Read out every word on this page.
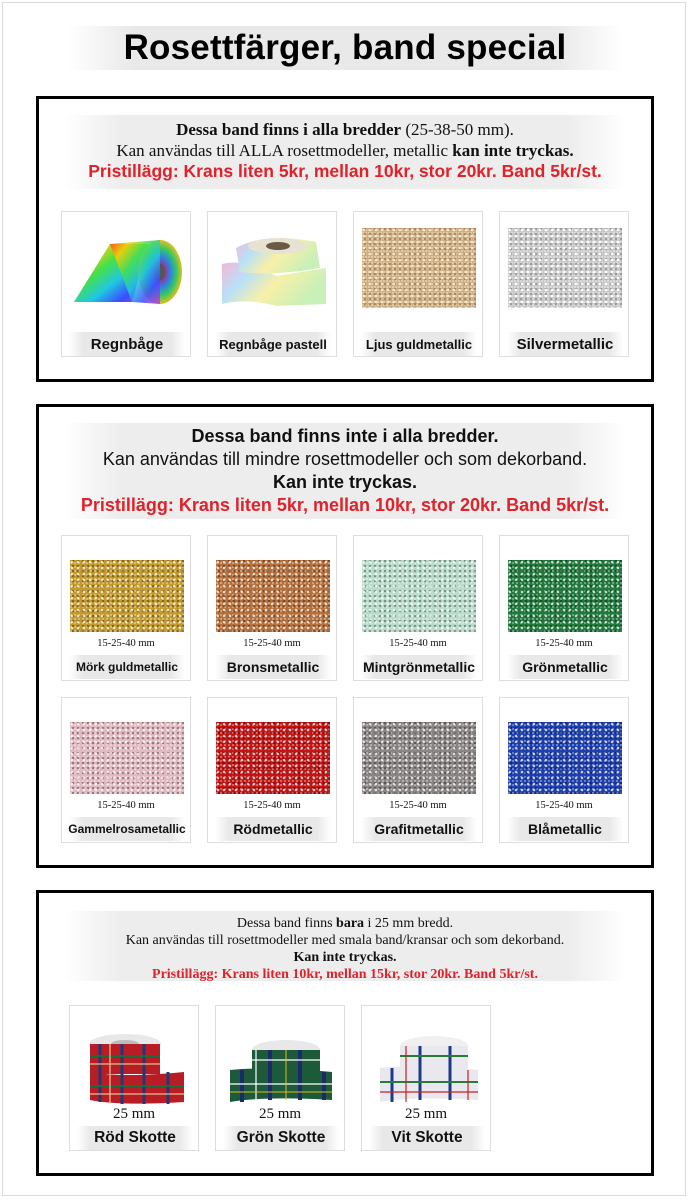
Rosettfärger, band special
Dessa band finns i alla bredder (25-38-50 mm).
Kan användas till ALLA rosettmodeller, metallic kan inte tryckas.
Pristillägg: Krans liten 5kr, mellan 10kr, stor 20kr. Band 5kr/st.
Regnbåge	Regnbåge pastell	Ljus guldmetallic	Silvermetallic
Dessa band finns inte i alla bredder.
Kan användas till mindre rosettmodeller och som dekorband.
Kan inte tryckas.
Pristillägg: Krans liten 5kr, mellan 10kr, stor 20kr. Band 5kr/st.
15-25-40 mm
Mörk guldmetallic
15-25-40 mm
Bronsmetallic
15-25-40 mm
Mintgrönmetallic
15-25-40 mm
Grönmetallic
15-25-40 mm
Gammelrosametallic
15-25-40 mm
Rödmetallic
15-25-40 mm
Grafitmetallic
15-25-40 mm
Blåmetallic
Dessa band finns bara i 25 mm bredd.
Kan användas till rosettmodeller med smala band/kransar och som dekorband.
Kan inte tryckas.
Pristillägg: Krans liten 10kr, mellan 15kr, stor 20kr. Band 5kr/st.
25 mm
Röd Skotte
25 mm
Grön Skotte
25 mm
Vit Skotte
